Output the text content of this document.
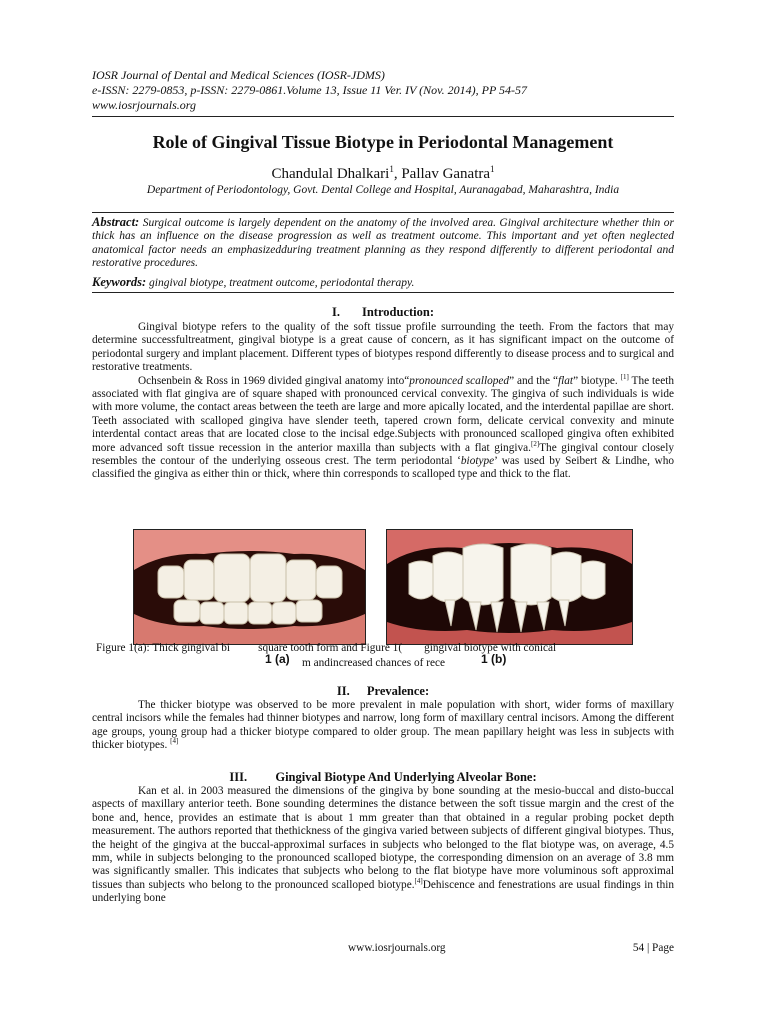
IOSR Journal of Dental and Medical Sciences (IOSR-JDMS)
e-ISSN: 2279-0853, p-ISSN: 2279-0861.Volume 13, Issue 11 Ver. IV (Nov. 2014), PP 54-57
www.iosrjournals.org
Role of Gingival Tissue Biotype in Periodontal Management
Chandulal Dhalkari$^1$, Pallav Ganatra$^1$
Department of Periodontology, Govt. Dental College and Hospital, Auranagabad, Maharashtra, India
Abstract: Surgical outcome is largely dependent on the anatomy of the involved area. Gingival architecture whether thin or thick has an influence on the disease progression as well as treatment outcome. This important and yet often neglected anatomical factor needs an emphasizedduring treatment planning as they respond differently to different periodontal and restorative procedures.
Keywords: gingival biotype, treatment outcome, periodontal therapy.
I. Introduction:

Gingival biotype refers to the quality of the soft tissue profile surrounding the teeth. From the factors that may determine successfultreatment, gingival biotype is a great cause of concern, as it has significant impact on the outcome of periodontal surgery and implant placement. Different types of biotypes respond differently to disease process and to surgical and restorative treatments.

Ochsenbein & Ross in 1969 divided gingival anatomy into“pronounced scalloped” and the “flat” biotype. [1] The teeth associated with flat gingiva are of square shaped with pronounced cervical convexity. The gingiva of such individuals is wide with more volume, the contact areas between the teeth are large and more apically located, and the interdental papillae are short. Teeth associated with scalloped gingiva have slender teeth, tapered crown form, delicate cervical convexity and minute interdental contact areas that are located close to the incisal edge.Subjects with pronounced scalloped gingiva often exhibited more advanced soft tissue recession in the anterior maxilla than subjects with a flat gingiva.[2]The gingival contour closely resembles the contour of the underlying osseous crest. The term periodontal ‘biotype’ was used by Seibert & Lindhe, who classified the gingiva as either thin or thick, where thin corresponds to scalloped type and thick to the flat.

Figure 1(a): Thick gingival bi square tooth form and Figure 1( gingival biotype with conical
m andincreased chances of rece
1 (a)	1 (b)
II. Prevalence:

The thicker biotype was observed to be more prevalent in male population with short, wider forms of maxillary central incisors while the females had thinner biotypes and narrow, long form of maxillary central incisors. Among the different age groups, young group had a thicker biotype compared to older group. The mean papillary height was less in subjects with thicker biotypes. [4]

III. Gingival Biotype And Underlying Alveolar Bone:

Kan et al. in 2003 measured the dimensions of the gingiva by bone sounding at the mesio-buccal and disto-buccal aspects of maxillary anterior teeth. Bone sounding determines the distance between the soft tissue margin and the crest of the bone and, hence, provides an estimate that is about 1 mm greater than that obtained in a regular probing pocket depth measurement. The authors reported that thethickness of the gingiva varied between subjects of different gingival biotypes. Thus, the height of the gingiva at the buccal-approximal surfaces in subjects who belonged to the flat biotype was, on average, 4.5 mm, while in subjects belonging to the pronounced scalloped biotype, the corresponding dimension on an average of 3.8 mm was significantly smaller. This indicates that subjects who belong to the flat biotype have more voluminous soft approximal tissues than subjects who belong to the pronounced scalloped biotype.[4]Dehiscence and fenestrations are usual findings in thin underlying bone

www.iosrjournals.org	54 | Page
